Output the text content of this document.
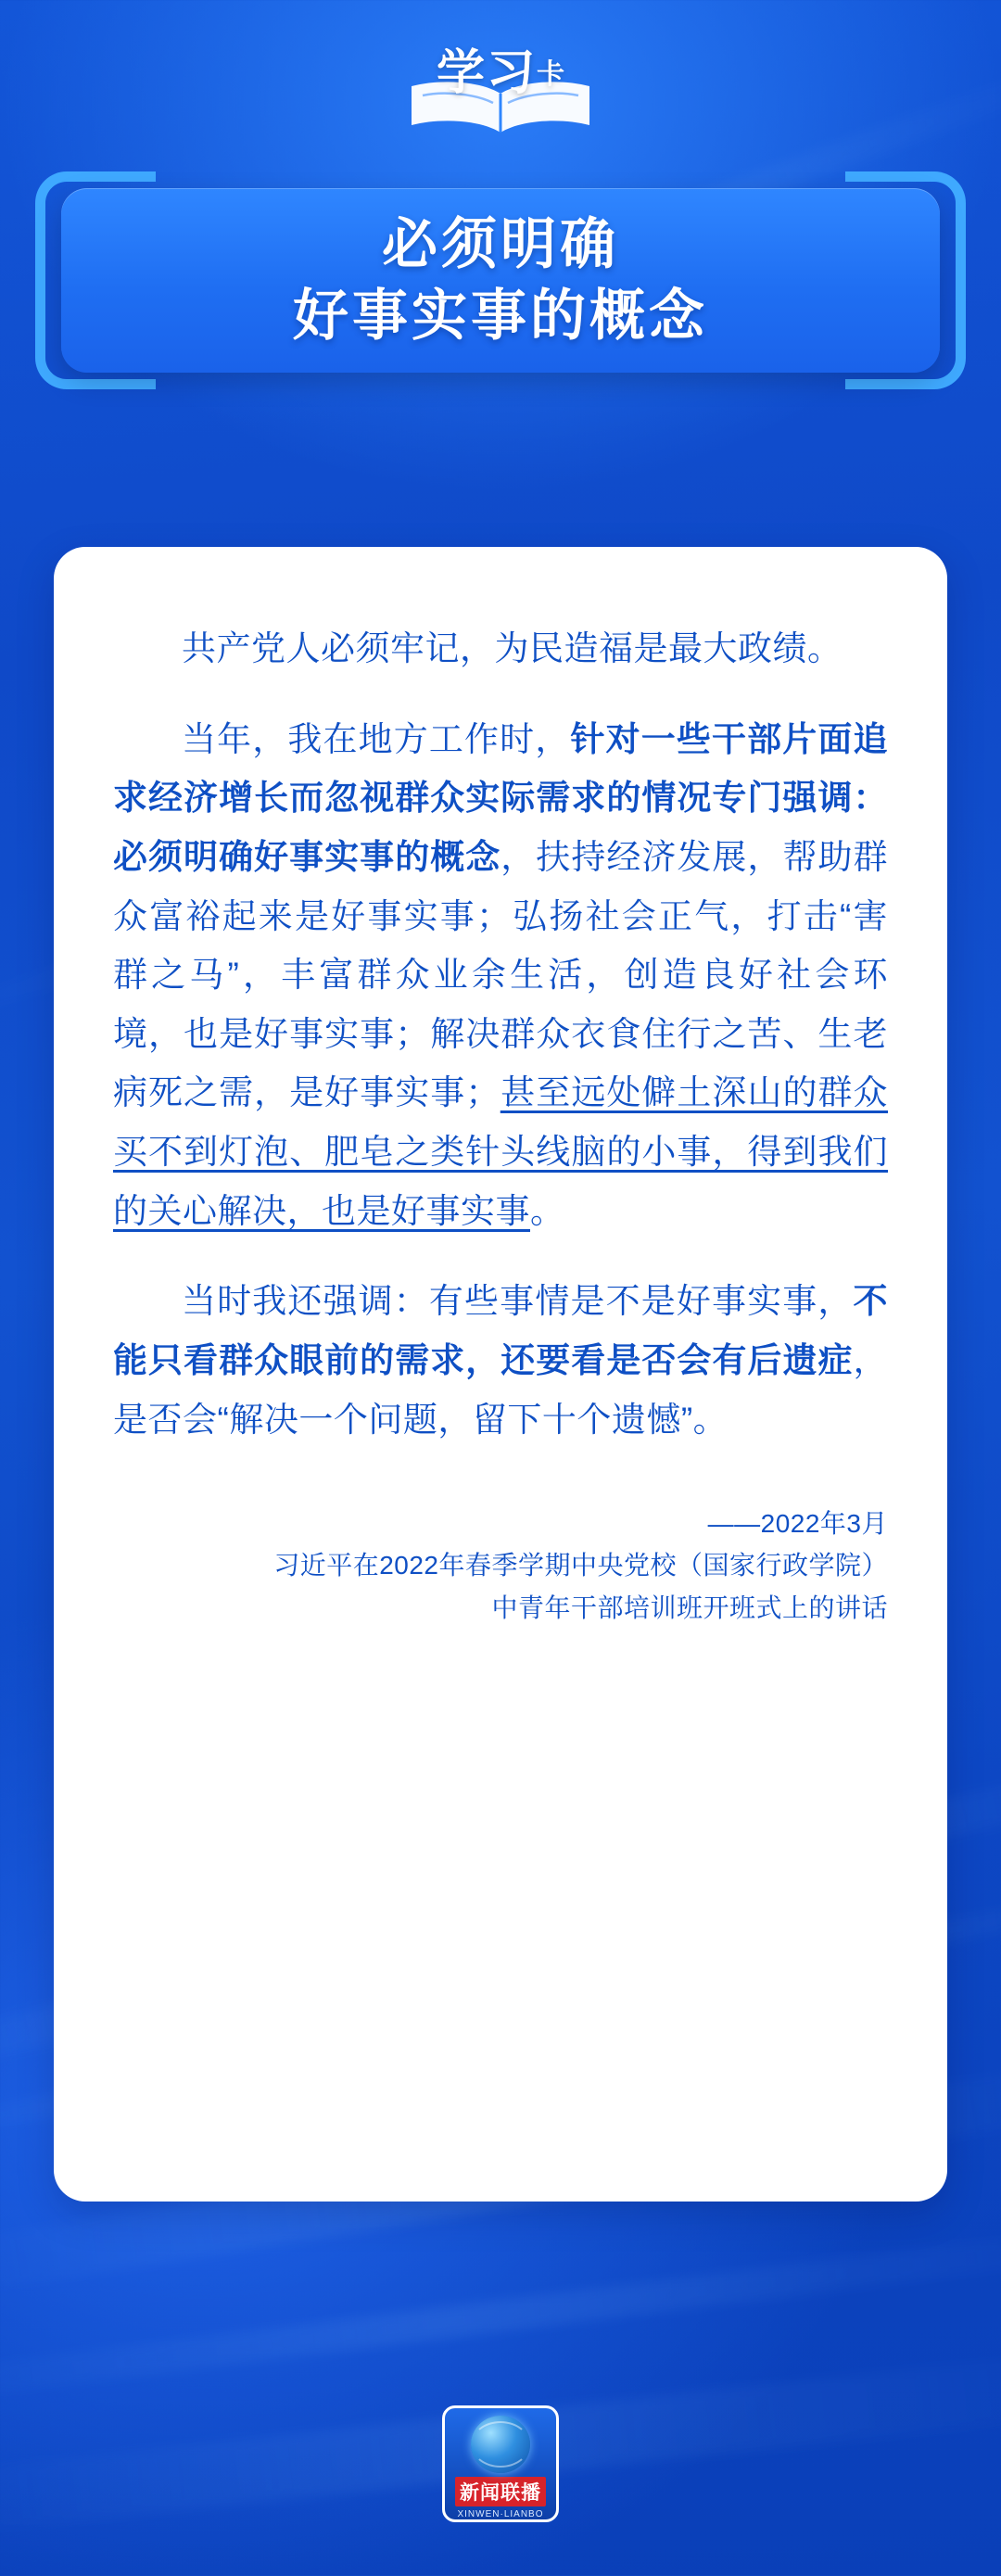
学习卡
必须明确
好事实事的概念
共产党人必须牢记，为民造福是最大政绩。
当年，我在地方工作时，针对一些干部片面追求经济增长而忽视群众实际需求的情况专门强调：必须明确好事实事的概念，扶持经济发展，帮助群众富裕起来是好事实事；弘扬社会正气，打击“害群之马”，丰富群众业余生活，创造良好社会环境，也是好事实事；解决群众衣食住行之苦、生老病死之需，是好事实事；甚至远处僻土深山的群众买不到灯泡、肥皂之类针头线脑的小事，得到我们的关心解决，也是好事实事。
当时我还强调：有些事情是不是好事实事，不能只看群众眼前的需求，还要看是否会有后遗症，是否会“解决一个问题，留下十个遗憾”。
——2022年3月
习近平在2022年春季学期中央党校（国家行政学院）
中青年干部培训班开班式上的讲话
新闻联播
XINWEN·LIANBO
